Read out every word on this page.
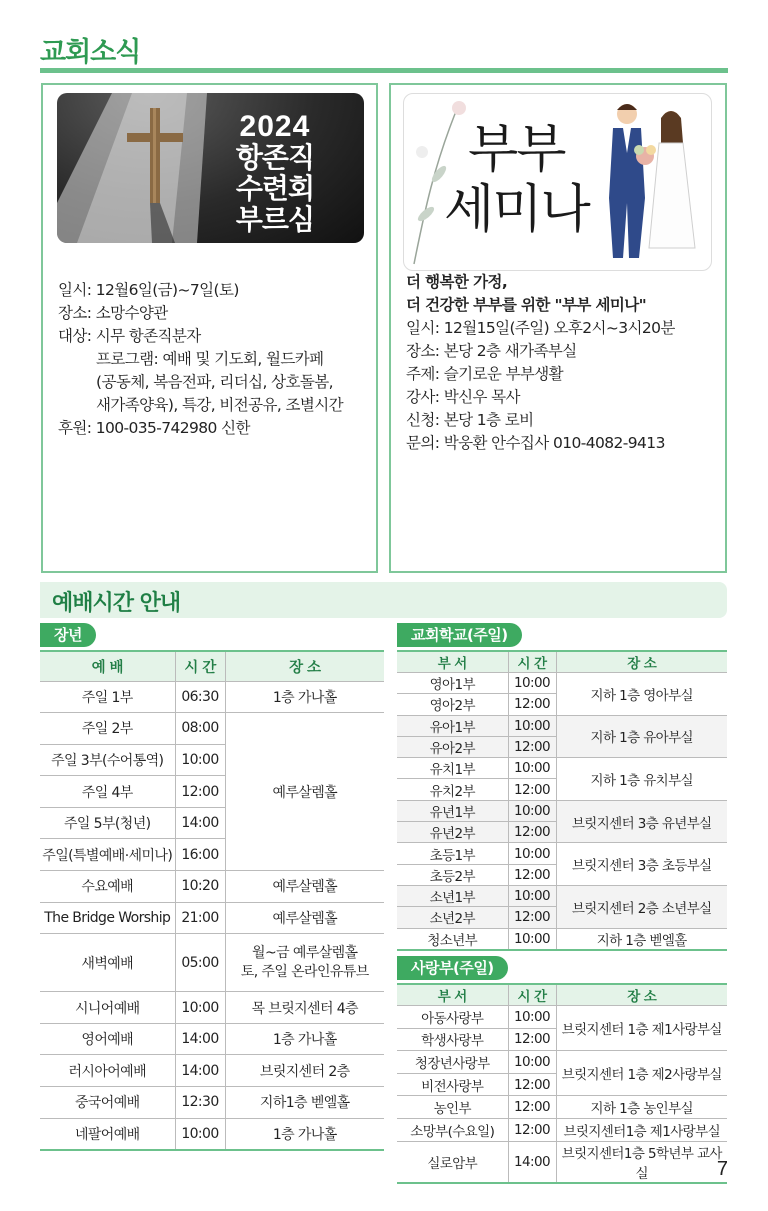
교회소식
2024
항존직
수련회
부르심
일시: 12월6일(금)~7일(토)
장소: 소망수양관
대상: 시무 항존직분자
프로그램: 예배 및 기도회, 월드카페
(공동체, 복음전파, 리더십, 상호돌봄,
새가족양육), 특강, 비전공유, 조별시간
후원: 100-035-742980 신한
부부
세미나
더 행복한 가정,
더 건강한 부부를 위한 "부부 세미나"
일시: 12월15일(주일) 오후2시~3시20분
장소: 본당 2층 새가족부실
주제: 슬기로운 부부생활
강사: 박신우 목사
신청: 본당 1층 로비
문의: 박웅환 안수집사 010-4082-9413
예배시간 안내
장년	교회학교(주일)
사랑부(주일)
예 배	시 간	장 소
주일 1부	06:30	1층 가나홀
주일 2부	08:00	예루살렘홀
주일 3부(수어통역)	10:00	
주일 4부	12:00	
주일 5부(청년)	14:00	
주일(특별예배·세미나)	16:00	
수요예배	10:20	예루살렘홀
The Bridge Worship	21:00	예루살렘홀
새벽예배	05:00	월~금 예루살렘홀
토, 주일 온라인유튜브

시니어예배	10:00	목 브릿지센터 4층
영어예배	14:00	1층 가나홀
러시아어예배	14:00	브릿지센터 2층
중국어예배	12:30	지하1층 벧엘홀
네팔어예배	10:00	1층 가나홀
부 서	시 간	장 소
영아1부	10:00	지하 1층 영아부실
영아2부	12:00	
유아1부	10:00	지하 1층 유아부실
유아2부	12:00	
유치1부	10:00	지하 1층 유치부실
유치2부	12:00	
유년1부	10:00	브릿지센터 3층 유년부실
유년2부	12:00	
초등1부	10:00	브릿지센터 3층 초등부실
초등2부	12:00	
소년1부	10:00	브릿지센터 2층 소년부실
소년2부	12:00	
청소년부	10:00	지하 1층 벧엘홀
부 서	시 간	장 소
아동사랑부	10:00	브릿지센터 1층 제1사랑부실
학생사랑부	12:00	
청장년사랑부	10:00	브릿지센터 1층 제2사랑부실
비전사랑부	12:00	
농인부	12:00	지하 1층 농인부실
소망부(수요일)	12:00	브릿지센터1층 제1사랑부실
실로암부	14:00	브릿지센터1층 5학년부 교사실	7
